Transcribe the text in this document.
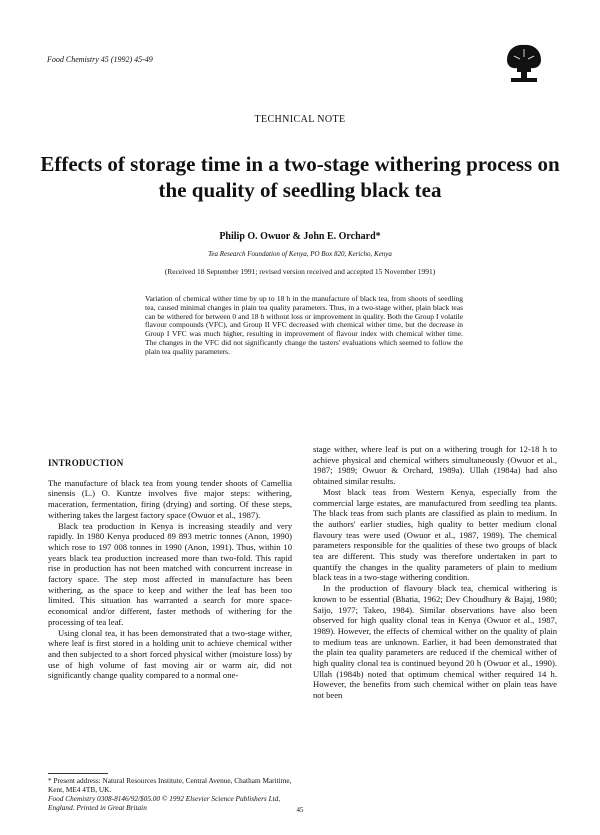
Food Chemistry 45 (1992) 45-49
TECHNICAL NOTE
Effects of storage time in a two-stage withering process on the quality of seedling black tea
Philip O. Owuor & John E. Orchard*
Tea Research Foundation of Kenya, PO Box 820, Kericho, Kenya
(Received 18 September 1991; revised version received and accepted 15 November 1991)
Variation of chemical wither time by up to 18 h in the manufacture of black tea, from shoots of seedling tea, caused minimal changes in plain tea quality parameters. Thus, in a two-stage wither, plain black teas can be withered for between 0 and 18 h without loss or improvement in quality. Both the Group I volatile flavour compounds (VFC), and Group II VFC decreased with chemical wither time, but the decrease in Group I VFC was much higher, resulting in improvement of flavour index with chemical wither time. The changes in the VFC did not significantly change the tasters' evaluations which seemed to follow the plain tea quality parameters.

INTRODUCTION

The manufacture of black tea from young tender shoots of Camellia sinensis (L.) O. Kuntze involves five major steps: withering, maceration, fermentation, firing (drying) and sorting. Of these steps, withering takes the largest factory space (Owuor et al., 1987).

Black tea production in Kenya is increasing steadily and very rapidly. In 1980 Kenya produced 89 893 metric tonnes (Anon, 1990) which rose to 197 008 tonnes in 1990 (Anon, 1991). Thus, within 10 years black tea production increased more than two-fold. This rapid rise in production has not been matched with concurrent increase in factory space. The step most affected in manufacture has been withering, as the space to keep and wither the leaf has been too limited. This situation has warranted a search for more space-economical and/or different, faster methods of withering for the processing of tea leaf.

Using clonal tea, it has been demonstrated that a two-stage wither, where leaf is first stored in a holding unit to achieve chemical wither and then subjected to a short forced physical wither (moisture loss) by use of high volume of fast moving air or warm air, did not significantly change quality compared to a normal one-

stage wither, where leaf is put on a withering trough for 12-18 h to achieve physical and chemical withers simultaneously (Owuor et al., 1987; 1989; Owuor & Orchard, 1989a). Ullah (1984a) had also obtained similar results.

Most black teas from Western Kenya, especially from the commercial large estates, are manufactured from seedling tea plants. The black teas from such plants are classified as plain to medium. In the authors' earlier studies, high quality to better medium clonal flavoury teas were used (Owuor et al., 1987, 1989). The chemical parameters responsible for the qualities of these two groups of black tea are different. This study was therefore undertaken in part to quantify the changes in the quality parameters of plain to medium black teas in a two-stage withering condition.

In the production of flavoury black tea, chemical withering is known to be essential (Bhatia, 1962; Dev Choudhury & Bajaj, 1980; Saijo, 1977; Takeo, 1984). Similar observations have also been observed for high quality clonal teas in Kenya (Owuor et al., 1987, 1989). However, the effects of chemical wither on the quality of plain to medium teas are unknown. Earlier, it had been demonstrated that the plain tea quality parameters are reduced if the chemical wither of high quality clonal tea is continued beyond 20 h (Owuor et al., 1990). Ullah (1984b) noted that optimum chemical wither required 14 h. However, the benefits from such chemical wither on plain teas have not been

* Present address: Natural Resources Institute, Central Avenue, Chatham Maritime, Kent, ME4 4TB, UK.

Food Chemistry 0308-8146/92/$05.00 © 1992 Elsevier Science Publishers Ltd, England. Printed in Great Britain	45
